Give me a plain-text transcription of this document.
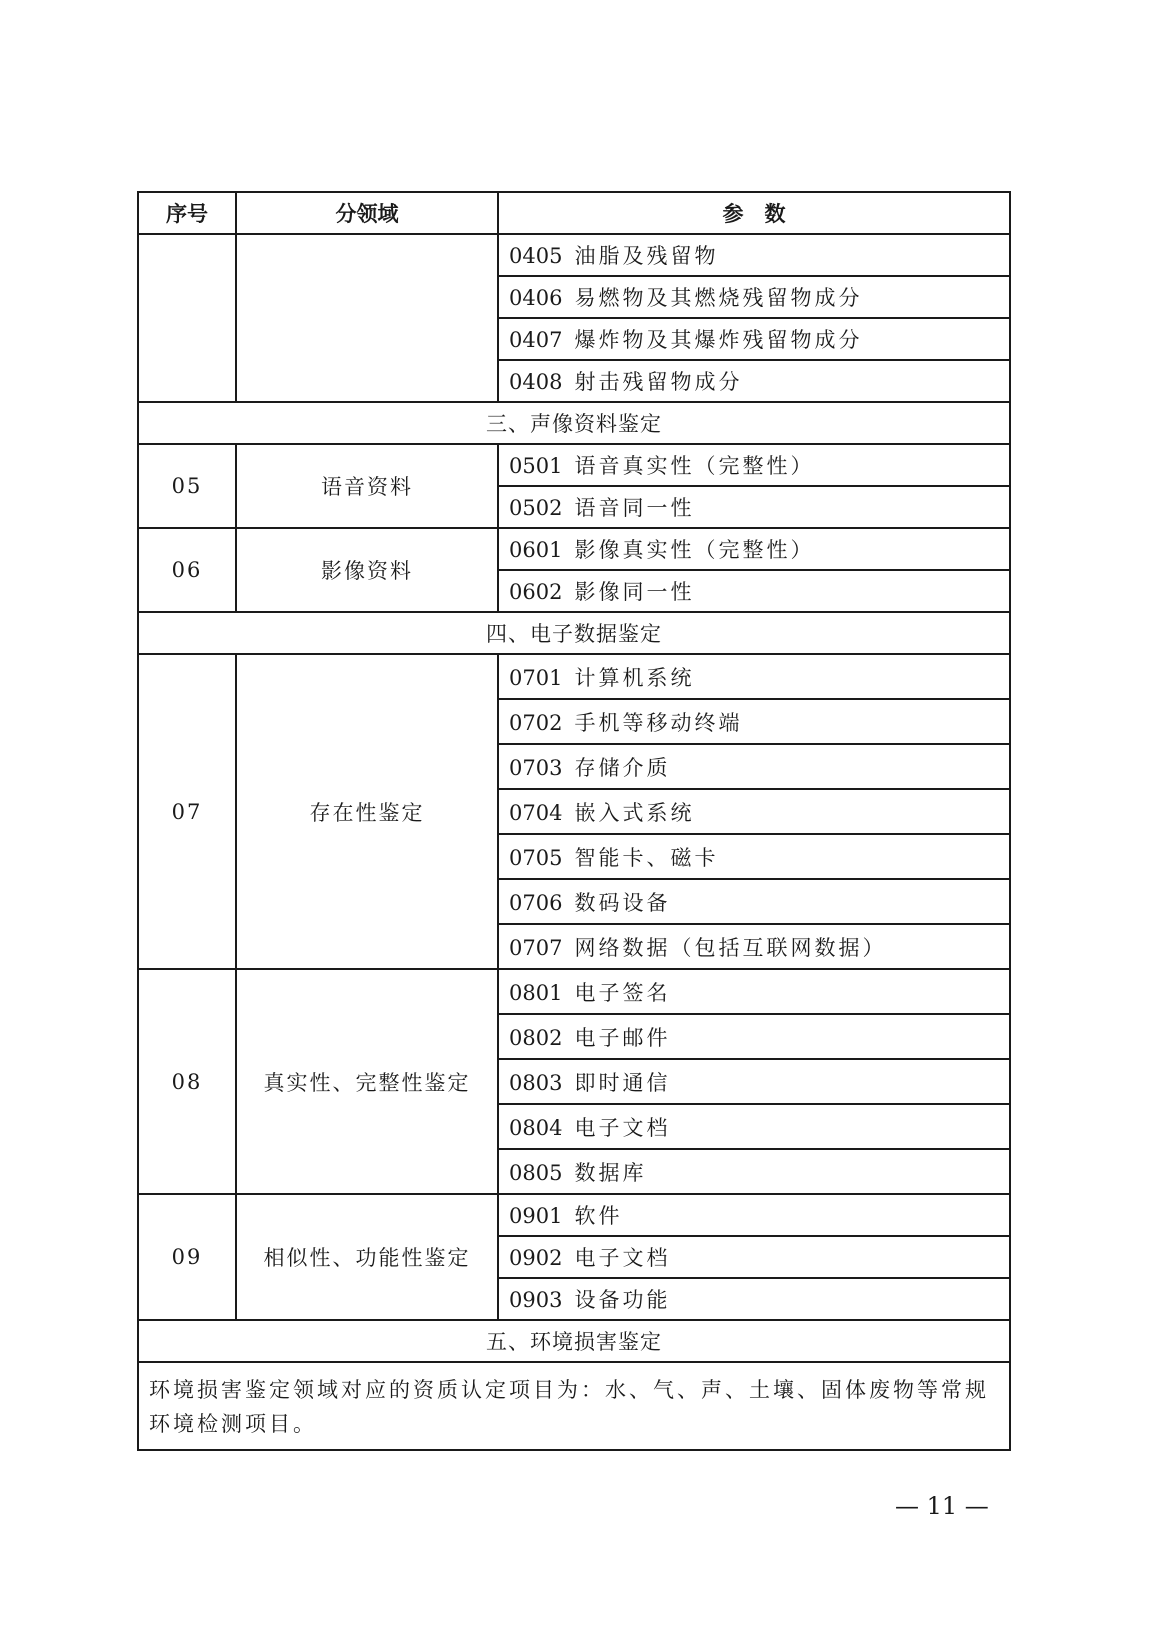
序号	分领域	参　数
		0405 油脂及残留物
		0406 易燃物及其燃烧残留物成分
		0407 爆炸物及其爆炸残留物成分
		0408 射击残留物成分
三、声像资料鉴定		
05	语音资料	0501 语音真实性（完整性）
		0502 语音同一性
06	影像资料	0601 影像真实性（完整性）
		0602 影像同一性
四、电子数据鉴定		
07	存在性鉴定	0701 计算机系统
		0702 手机等移动终端
		0703 存储介质
		0704 嵌入式系统
		0705 智能卡、磁卡
		0706 数码设备
		0707 网络数据（包括互联网数据）
08	真实性、完整性鉴定	0801 电子签名
		0802 电子邮件
		0803 即时通信
		0804 电子文档
		0805 数据库
09	相似性、功能性鉴定	0901 软件
		0902 电子文档
		0903 设备功能
五、环境损害鉴定		
环境损害鉴定领域对应的资质认定项目为：水、气、声、土壤、固体废物等常规环境检测项目。		
— 11 —
